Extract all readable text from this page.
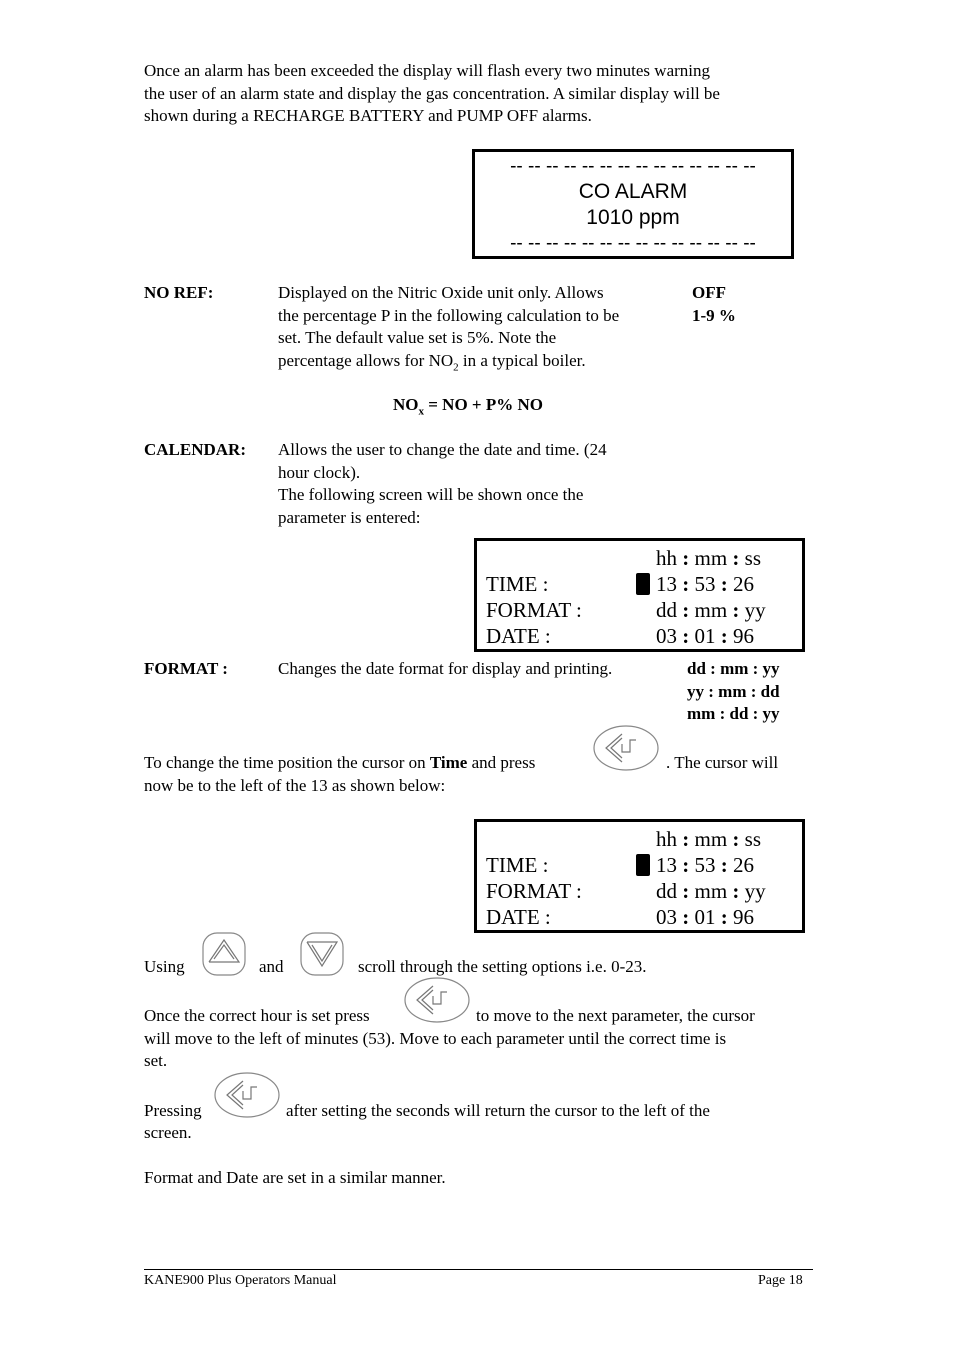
Once an alarm has been exceeded the display will flash every two minutes warning
the user of an alarm state and display the gas concentration. A similar display will be
shown during a RECHARGE BATTERY and PUMP OFF alarms.
-- -- -- -- -- -- -- -- -- -- -- -- -- --
CO ALARM
1010 ppm
-- -- -- -- -- -- -- -- -- -- -- -- -- --
NO REF:	Displayed on the Nitric Oxide unit only. Allows
the percentage P in the following calculation to be
set. The default value set is 5%. Note the
percentage allows for $NO_2$ in a typical boiler.
OFF
1-9 %
$NO_x$ = NO + P% NO
CALENDAR: Allows the user to change the date and time. (24
hour clock).
The following screen will be shown once the
parameter is entered:
hh : mm : ss
TIME :	13 : 53 : 26
FORMAT :	dd : mm : yy
DATE :	03 : 01 : 96
FORMAT :	Changes the date format for display and printing.	dd : mm : yy
yy : mm : dd
mm : dd : yy
To change the time position the cursor on Time and press	. The cursor will
now be to the left of the 13 as shown below:
hh : mm : ss
TIME :	13 : 53 : 26
FORMAT :	dd : mm : yy
DATE :	03 : 01 : 96
Using	and	scroll through the setting options i.e. 0-23.
Once the correct hour is set press	to move to the next parameter, the cursor
will move to the left of minutes (53). Move to each parameter until the correct time is
set.
Pressing	after setting the seconds will return the cursor to the left of the
screen.
Format and Date are set in a similar manner.
KANE900 Plus Operators Manual	Page 18
